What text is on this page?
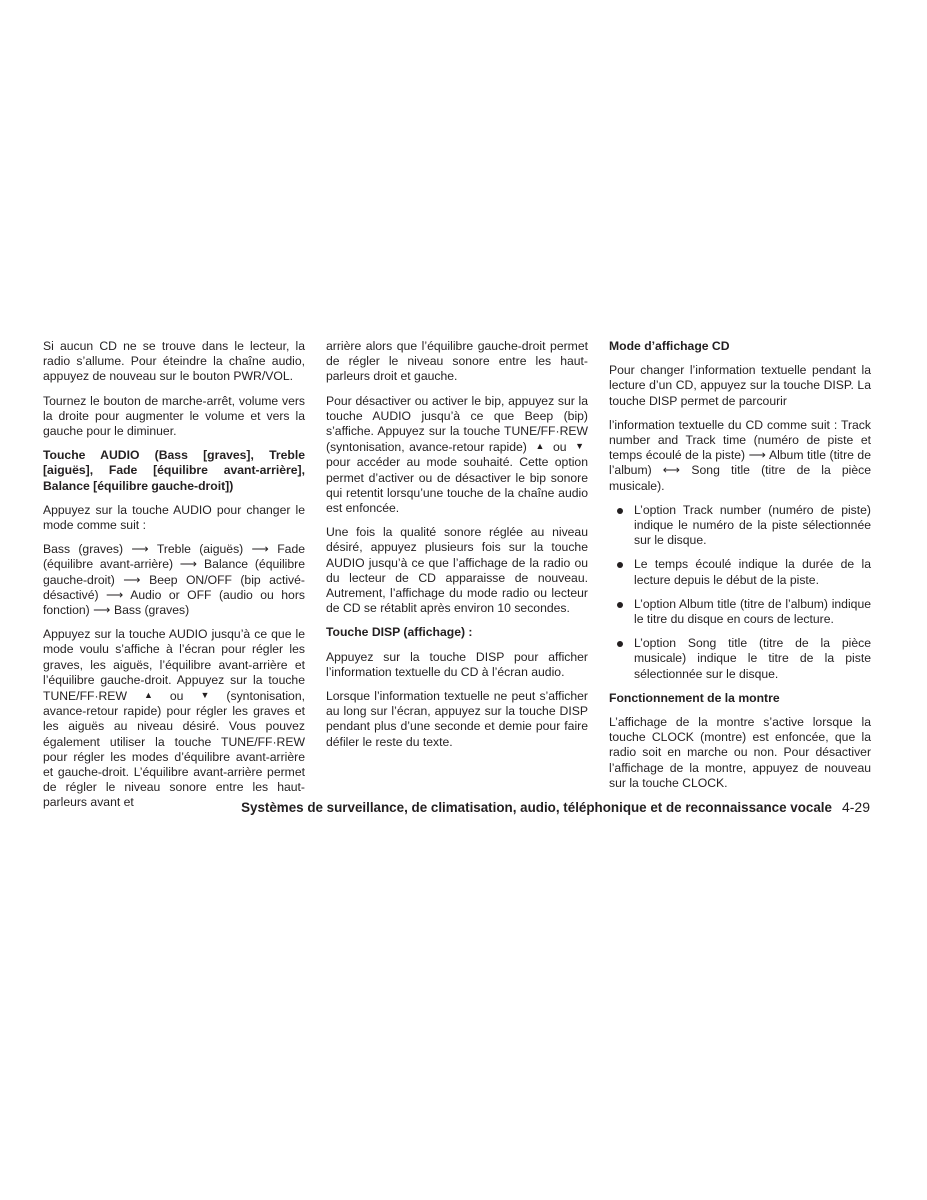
Si aucun CD ne se trouve dans le lecteur, la radio s’allume. Pour éteindre la chaîne audio, appuyez de nouveau sur le bouton PWR/VOL.

Tournez le bouton de marche-arrêt, volume vers la droite pour augmenter le volume et vers la gauche pour le diminuer.

Touche AUDIO (Bass [graves], Treble [aiguës], Fade [équilibre avant-arrière], Balance [équilibre gauche-droit])

Appuyez sur la touche AUDIO pour changer le mode comme suit :

Bass (graves) ⟶ Treble (aiguës) ⟶ Fade (équilibre avant-arrière) ⟶ Balance (équilibre gauche-droit) ⟶ Beep ON/OFF (bip activé-désactivé) ⟶ Audio or OFF (audio ou hors fonction) ⟶ Bass (graves)

Appuyez sur la touche AUDIO jusqu’à ce que le mode voulu s’affiche à l’écran pour régler les graves, les aiguës, l’équilibre avant-arrière et l’équilibre gauche-droit. Appuyez sur la touche TUNE/FF·REW ▲ ou ▼ (syntonisation, avance-retour rapide) pour régler les graves et les aiguës au niveau désiré. Vous pouvez également utiliser la touche TUNE/FF·REW pour régler les modes d’équilibre avant-arrière et gauche-droit. L’équilibre avant-arrière permet de régler le niveau sonore entre les haut-parleurs avant et

arrière alors que l’équilibre gauche-droit permet de régler le niveau sonore entre les haut-parleurs droit et gauche.

Pour désactiver ou activer le bip, appuyez sur la touche AUDIO jusqu’à ce que Beep (bip) s’affiche. Appuyez sur la touche TUNE/FF·REW (syntonisation, avance-retour rapide) ▲ ou ▼ pour accéder au mode souhaité. Cette option permet d’activer ou de désactiver le bip sonore qui retentit lorsqu’une touche de la chaîne audio est enfoncée.

Une fois la qualité sonore réglée au niveau désiré, appuyez plusieurs fois sur la touche AUDIO jusqu’à ce que l’affichage de la radio ou du lecteur de CD apparaisse de nouveau. Autrement, l’affichage du mode radio ou lecteur de CD se rétablit après environ 10 secondes.

Touche DISP (affichage) :

Appuyez sur la touche DISP pour afficher l’information textuelle du CD à l’écran audio.

Lorsque l’information textuelle ne peut s’afficher au long sur l’écran, appuyez sur la touche DISP pendant plus d’une seconde et demie pour faire défiler le reste du texte.

Mode d’affichage CD

Pour changer l’information textuelle pendant la lecture d’un CD, appuyez sur la touche DISP. La touche DISP permet de parcourir

l’information textuelle du CD comme suit : Track number and Track time (numéro de piste et temps écoulé de la piste) ⟶ Album title (titre de l’album) ⟷ Song title (titre de la pièce musicale).

L’option Track number (numéro de piste) indique le numéro de la piste sélectionnée sur le disque.
Le temps écoulé indique la durée de la lecture depuis le début de la piste.
L’option Album title (titre de l’album) indique le titre du disque en cours de lecture.
L’option Song title (titre de la pièce musicale) indique le titre de la piste sélectionnée sur le disque.
Fonctionnement de la montre

L’affichage de la montre s’active lorsque la touche CLOCK (montre) est enfoncée, que la radio soit en marche ou non. Pour désactiver l’affichage de la montre, appuyez de nouveau sur la touche CLOCK.

Systèmes de surveillance, de climatisation, audio, téléphonique et de reconnaissance vocale 4-29
